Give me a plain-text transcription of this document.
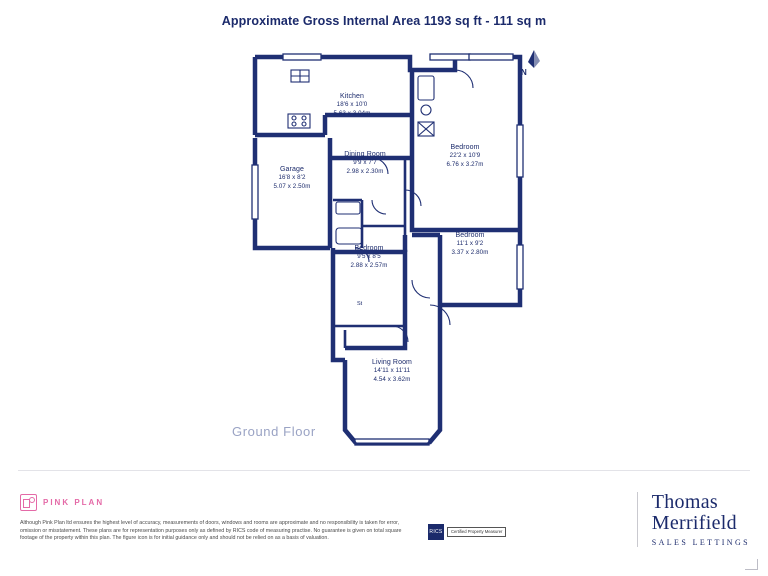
Approximate Gross Internal Area 1193 sq ft - 111 sq m
N
Kitchen
18'6 x 10'0
5.63 x 3.04m
Dining Room
9'9 x 7'7
2.98 x 2.30m
Garage
16'8 x 8'2
5.07 x 2.50m
Bedroom
22'2 x 10'9
6.76 x 3.27m
Bedroom
11'1 x 9'2
3.37 x 2.80m
Bedroom
9'5 x 8'5
2.88 x 2.57m
Living Room
14'11 x 11'11
4.54 x 3.62m
St
Ground Floor
PINK PLAN
Although Pink Plan ltd ensures the highest level of accuracy, measurements of doors, windows and rooms are approximate and no responsibility is taken for error, omission or misstatement. These plans are for representation purposes only as defined by RICS code of measuring practise. No guarantee is given on total square footage of the property within this plan. The figure icon is for initial guidance only and should not be relied on as a basis of valuation.
RICS	Certified Property Measurer
Thomas
Merrifield
SALES LETTINGS
